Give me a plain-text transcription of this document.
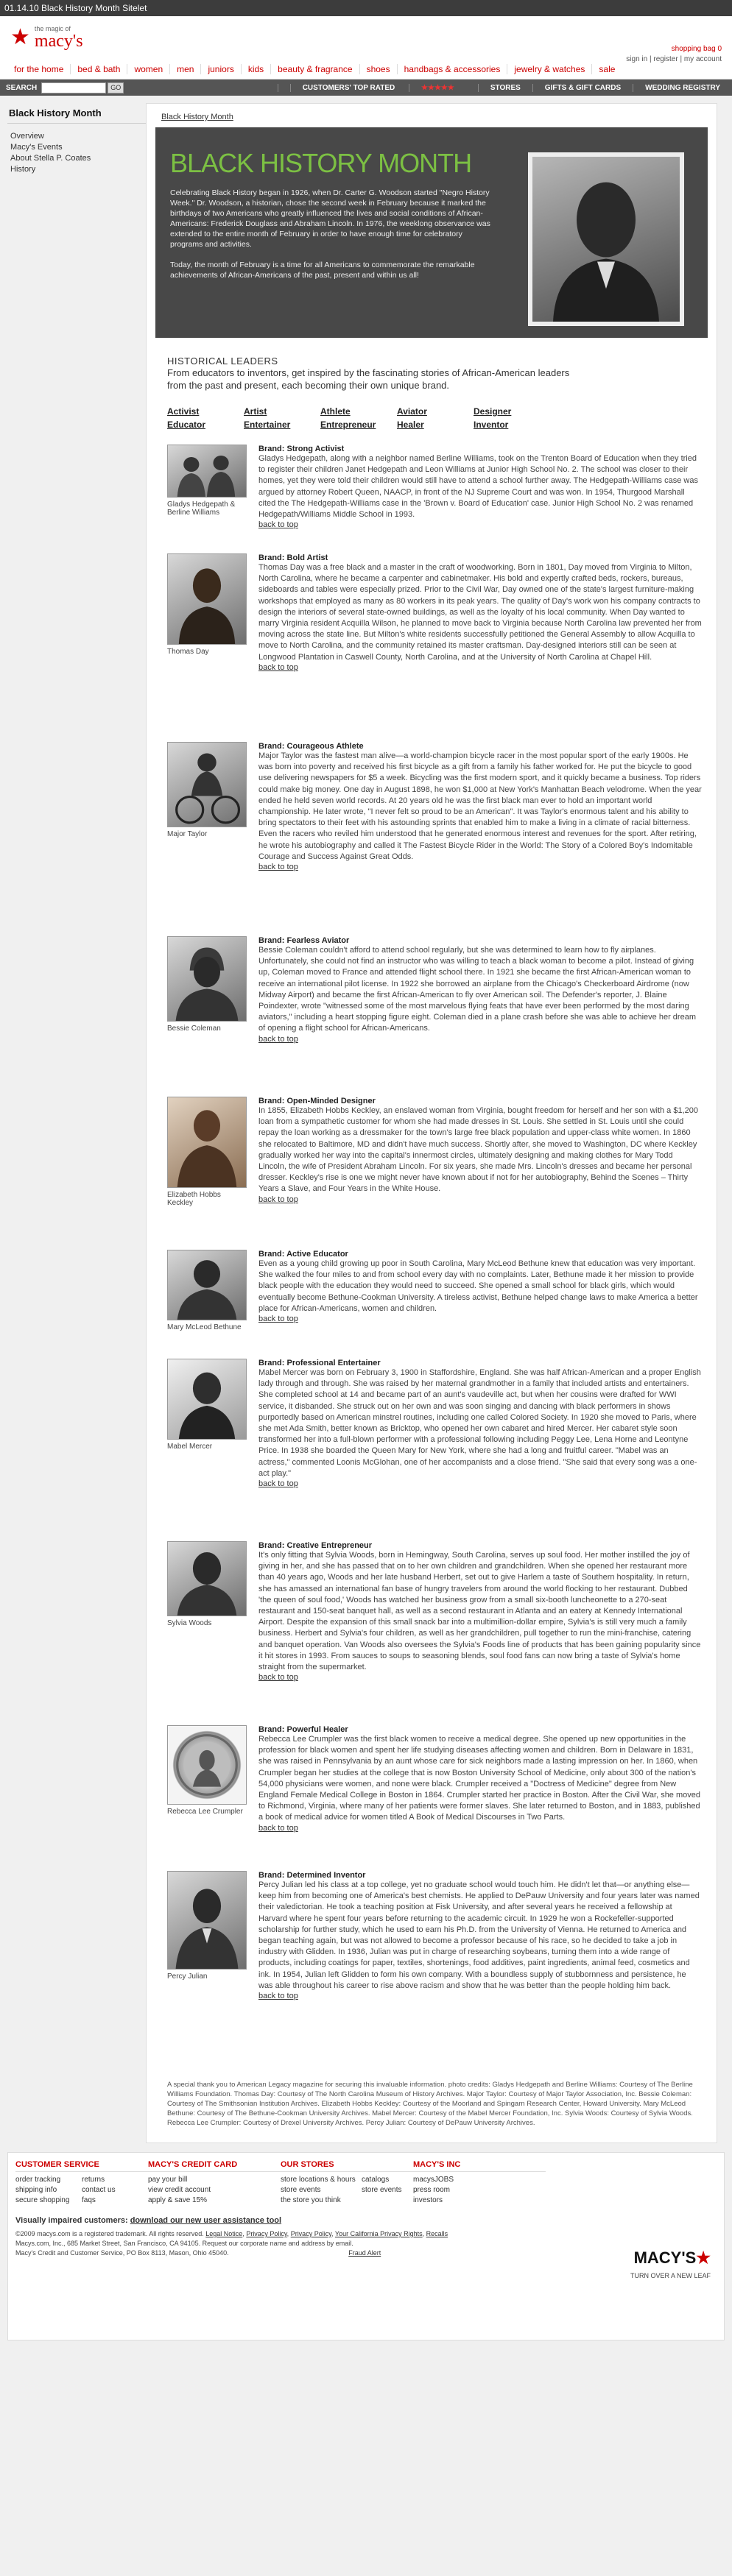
01.14.10 Black History Month Sitelet
★ the magic of
macy's	shopping bag 0
sign in | register | my account
for the home	bed & bath	women	men	juniors	kids	beauty & fragrance	shoes	handbags & accessories	jewelry & watches	sale
SEARCH	GO	CUSTOMERS' TOP RATED	★★★★★	STORES	GIFTS & GIFT CARDS	WEDDING REGISTRY
Black History Month
Overview
Macy's Events
About Stella P. Coates
History
Black History Month
BLACK HISTORY MONTH

Celebrating Black History began in 1926, when Dr. Carter G. Woodson started "Negro History Week." Dr. Woodson, a historian, chose the second week in February because it marked the birthdays of two Americans who greatly influenced the lives and social conditions of African-Americans: Frederick Douglass and Abraham Lincoln. In 1976, the weeklong observance was extended to the entire month of February in order to have enough time for celebratory programs and activities.

Today, the month of February is a time for all Americans to commemorate the remarkable achievements of African-Americans of the past, present and within us all!

HISTORICAL LEADERS
From educators to inventors, get inspired by the fascinating stories of African-American leaders from the past and present, each becoming their own unique brand.
Activist	Artist	Athlete	Aviator	Designer
Educator	Entertainer	Entrepreneur	Healer	Inventor
Gladys Hedgepath & Berline Williams
Brand: Strong Activist
Gladys Hedgepath, along with a neighbor named Berline Williams, took on the Trenton Board of Education when they tried to register their children Janet Hedgepath and Leon Williams at Junior High School No. 2. The school was closer to their homes, yet they were told their children would still have to attend a school further away. The Hedgepath-Williams case was argued by attorney Robert Queen, NAACP, in front of the NJ Supreme Court and was won. In 1954, Thurgood Marshall cited the The Hedgepath-Williams case in the 'Brown v. Board of Education' case. Junior High School No. 2 was renamed Hedgepath/Williams Middle School in 1993.
back to top
Thomas Day
Brand: Bold Artist
Thomas Day was a free black and a master in the craft of woodworking. Born in 1801, Day moved from Virginia to Milton, North Carolina, where he became a carpenter and cabinetmaker. His bold and expertly crafted beds, rockers, bureaus, sideboards and tables were especially prized. Prior to the Civil War, Day owned one of the state's largest furniture-making workshops that employed as many as 80 workers in its peak years. The quality of Day's work won his company contracts to design the interiors of several state-owned buildings, as well as the loyalty of his local community. When Day wanted to marry Virginia resident Acquilla Wilson, he planned to move back to Virginia because North Carolina law prevented her from moving across the state line. But Milton's white residents successfully petitioned the General Assembly to allow Acquilla to move to North Carolina, and the community retained its master craftsman. Day-designed interiors still can be seen at Longwood Plantation in Caswell County, North Carolina, and at the University of North Carolina at Chapel Hill.
back to top
Major Taylor
Brand: Courageous Athlete
Major Taylor was the fastest man alive—a world-champion bicycle racer in the most popular sport of the early 1900s. He was born into poverty and received his first bicycle as a gift from a family his father worked for. He put the bicycle to good use delivering newspapers for $5 a week. Bicycling was the first modern sport, and it quickly became a business. Top riders could make big money. One day in August 1898, he won $1,000 at New York's Manhattan Beach velodrome. When the year ended he held seven world records. At 20 years old he was the first black man ever to hold an important world championship. He later wrote, "I never felt so proud to be an American". It was Taylor's enormous talent and his ability to bring spectators to their feet with his astounding sprints that enabled him to make a living in a climate of racial bitterness. Even the racers who reviled him understood that he generated enormous interest and revenues for the sport. After retiring, he wrote his autobiography and called it The Fastest Bicycle Rider in the World: The Story of a Colored Boy's Indomitable Courage and Success Against Great Odds.
back to top
Bessie Coleman
Brand: Fearless Aviator
Bessie Coleman couldn't afford to attend school regularly, but she was determined to learn how to fly airplanes. Unfortunately, she could not find an instructor who was willing to teach a black woman to become a pilot. Instead of giving up, Coleman moved to France and attended flight school there. In 1921 she became the first African-American woman to receive an international pilot license. In 1922 she borrowed an airplane from the Chicago's Checkerboard Airdrome (now Midway Airport) and became the first African-American to fly over American soil. The Defender's reporter, J. Blaine Poindexter, wrote "witnessed some of the most marvelous flying feats that have ever been performed by the most daring aviators," including a heart stopping figure eight. Coleman died in a plane crash before she was able to achieve her dream of opening a flight school for African-Americans.
back to top
Elizabeth Hobbs Keckley
Brand: Open-Minded Designer
In 1855, Elizabeth Hobbs Keckley, an enslaved woman from Virginia, bought freedom for herself and her son with a $1,200 loan from a sympathetic customer for whom she had made dresses in St. Louis. She settled in St. Louis until she could repay the loan working as a dressmaker for the town's large free black population and upper-class white women. In 1860 she relocated to Baltimore, MD and didn't have much success. Shortly after, she moved to Washington, DC where Keckley gradually worked her way into the capital's innermost circles, ultimately designing and making clothes for Mary Todd Lincoln, the wife of President Abraham Lincoln. For six years, she made Mrs. Lincoln's dresses and became her personal dresser. Keckley's rise is one we might never have known about if not for her autobiography, Behind the Scenes – Thirty Years a Slave, and Four Years in the White House.
back to top
Mary McLeod Bethune
Brand: Active Educator
Even as a young child growing up poor in South Carolina, Mary McLeod Bethune knew that education was very important. She walked the four miles to and from school every day with no complaints. Later, Bethune made it her mission to provide black people with the education they would need to succeed. She opened a small school for black girls, which would eventually become Bethune-Cookman University. A tireless activist, Bethune helped change laws to make America a better place for African-Americans, women and children.
back to top
Mabel Mercer
Brand: Professional Entertainer
Mabel Mercer was born on February 3, 1900 in Staffordshire, England. She was half African-American and a proper English lady through and through. She was raised by her maternal grandmother in a family that included artists and entertainers. She completed school at 14 and became part of an aunt's vaudeville act, but when her cousins were drafted for WWI service, it disbanded. She struck out on her own and was soon singing and dancing with black performers in shows purportedly based on American minstrel routines, including one called Colored Society. In 1920 she moved to Paris, where she met Ada Smith, better known as Bricktop, who opened her own cabaret and hired Mercer. Her cabaret style soon transformed her into a full-blown performer with a professional following including Peggy Lee, Lena Horne and Leontyne Price. In 1938 she boarded the Queen Mary for New York, where she had a long and fruitful career. "Mabel was an actress," commented Loonis McGlohan, one of her accompanists and a close friend. "She said that every song was a one-act play."
back to top
Sylvia Woods
Brand: Creative Entrepreneur
It's only fitting that Sylvia Woods, born in Hemingway, South Carolina, serves up soul food. Her mother instilled the joy of giving in her, and she has passed that on to her own children and grandchildren. When she opened her restaurant more than 40 years ago, Woods and her late husband Herbert, set out to give Harlem a taste of Southern hospitality. In return, she has amassed an international fan base of hungry travelers from around the world flocking to her restaurant. Dubbed 'the queen of soul food,' Woods has watched her business grow from a small six-booth luncheonette to a 270-seat restaurant and 150-seat banquet hall, as well as a second restaurant in Atlanta and an eatery at Kennedy International Airport. Despite the expansion of this small snack bar into a multimillion-dollar empire, Sylvia's is still very much a family business. Herbert and Sylvia's four children, as well as her grandchildren, pull together to run the mini-franchise, catering and banquet operation. Van Woods also oversees the Sylvia's Foods line of products that has been gaining popularity since it hit stores in 1993. From sauces to soups to seasoning blends, soul food fans can now bring a taste of Sylvia's home straight from the supermarket.
back to top
Rebecca Lee Crumpler
Brand: Powerful Healer
Rebecca Lee Crumpler was the first black women to receive a medical degree. She opened up new opportunities in the profession for black women and spent her life studying diseases affecting women and children. Born in Delaware in 1831, she was raised in Pennsylvania by an aunt whose care for sick neighbors made a lasting impression on her. In 1860, when Crumpler began her studies at the college that is now Boston University School of Medicine, only about 300 of the nation's 54,000 physicians were women, and none were black. Crumpler received a "Doctress of Medicine" degree from New England Female Medical College in Boston in 1864. Crumpler started her practice in Boston. After the Civil War, she moved to Richmond, Virginia, where many of her patients were former slaves. She later returned to Boston, and in 1883, published a book of medical advice for women titled A Book of Medical Discourses in Two Parts.
back to top
Percy Julian
Brand: Determined Inventor
Percy Julian led his class at a top college, yet no graduate school would touch him. He didn't let that—or anything else—keep him from becoming one of America's best chemists. He applied to DePauw University and four years later was named their valedictorian. He took a teaching position at Fisk University, and after several years he received a fellowship at Harvard where he spent four years before returning to the academic circuit. In 1929 he won a Rockefeller-supported scholarship for further study, which he used to earn his Ph.D. from the University of Vienna. He returned to America and began teaching again, but was not allowed to become a professor because of his race, so he decided to take a job in industry with Glidden. In 1936, Julian was put in charge of researching soybeans, turning them into a wide range of products, including coatings for paper, textiles, shortenings, food additives, paint ingredients, animal feed, cosmetics and ink. In 1954, Julian left Glidden to form his own company. With a boundless supply of stubbornness and persistence, he was able throughout his career to rise above racism and show that he was better than the people holding him back.
back to top
A special thank you to American Legacy magazine for securing this invaluable information. photo credits: Gladys Hedgepath and Berline Williams: Courtesy of The Berline Williams Foundation. Thomas Day: Courtesy of The North Carolina Museum of History Archives. Major Taylor: Courtesy of Major Taylor Association, Inc. Bessie Coleman: Courtesy of The Smithsonian Institution Archives. Elizabeth Hobbs Keckley: Courtesy of the Moorland and Spingarn Research Center, Howard University. Mary McLeod Bethune: Courtesy of The Bethune-Cookman University Archives. Mabel Mercer: Courtesy of the Mabel Mercer Foundation, Inc. Sylvia Woods: Courtesy of Sylvia Woods. Rebecca Lee Crumpler: Courtesy of Drexel University Archives. Percy Julian: Courtesy of DePauw University Archives.
CUSTOMER SERVICE
order tracking
shipping info
secure shopping
returns
contact us
faqs
MACY'S CREDIT CARD
pay your bill
view credit account
apply & save 15%
OUR STORES
store locations & hours
store events
the store you think
catalogs
store events
MACY'S INC
macysJOBS
press room
investors
Visually impaired customers: download our new user assistance tool
©2009 macys.com is a registered trademark. All rights reserved. Legal Notice, Privacy Policy, Privacy Policy, Your California Privacy Rights, Recalls
Macys.com, Inc., 685 Market Street, San Francisco, CA 94105. Request our corporate name and address by email.
Macy's Credit and Customer Service, PO Box 8113, Mason, Ohio 45040.	Fraud Alert	MACY'S★
TURN OVER A NEW LEAF
